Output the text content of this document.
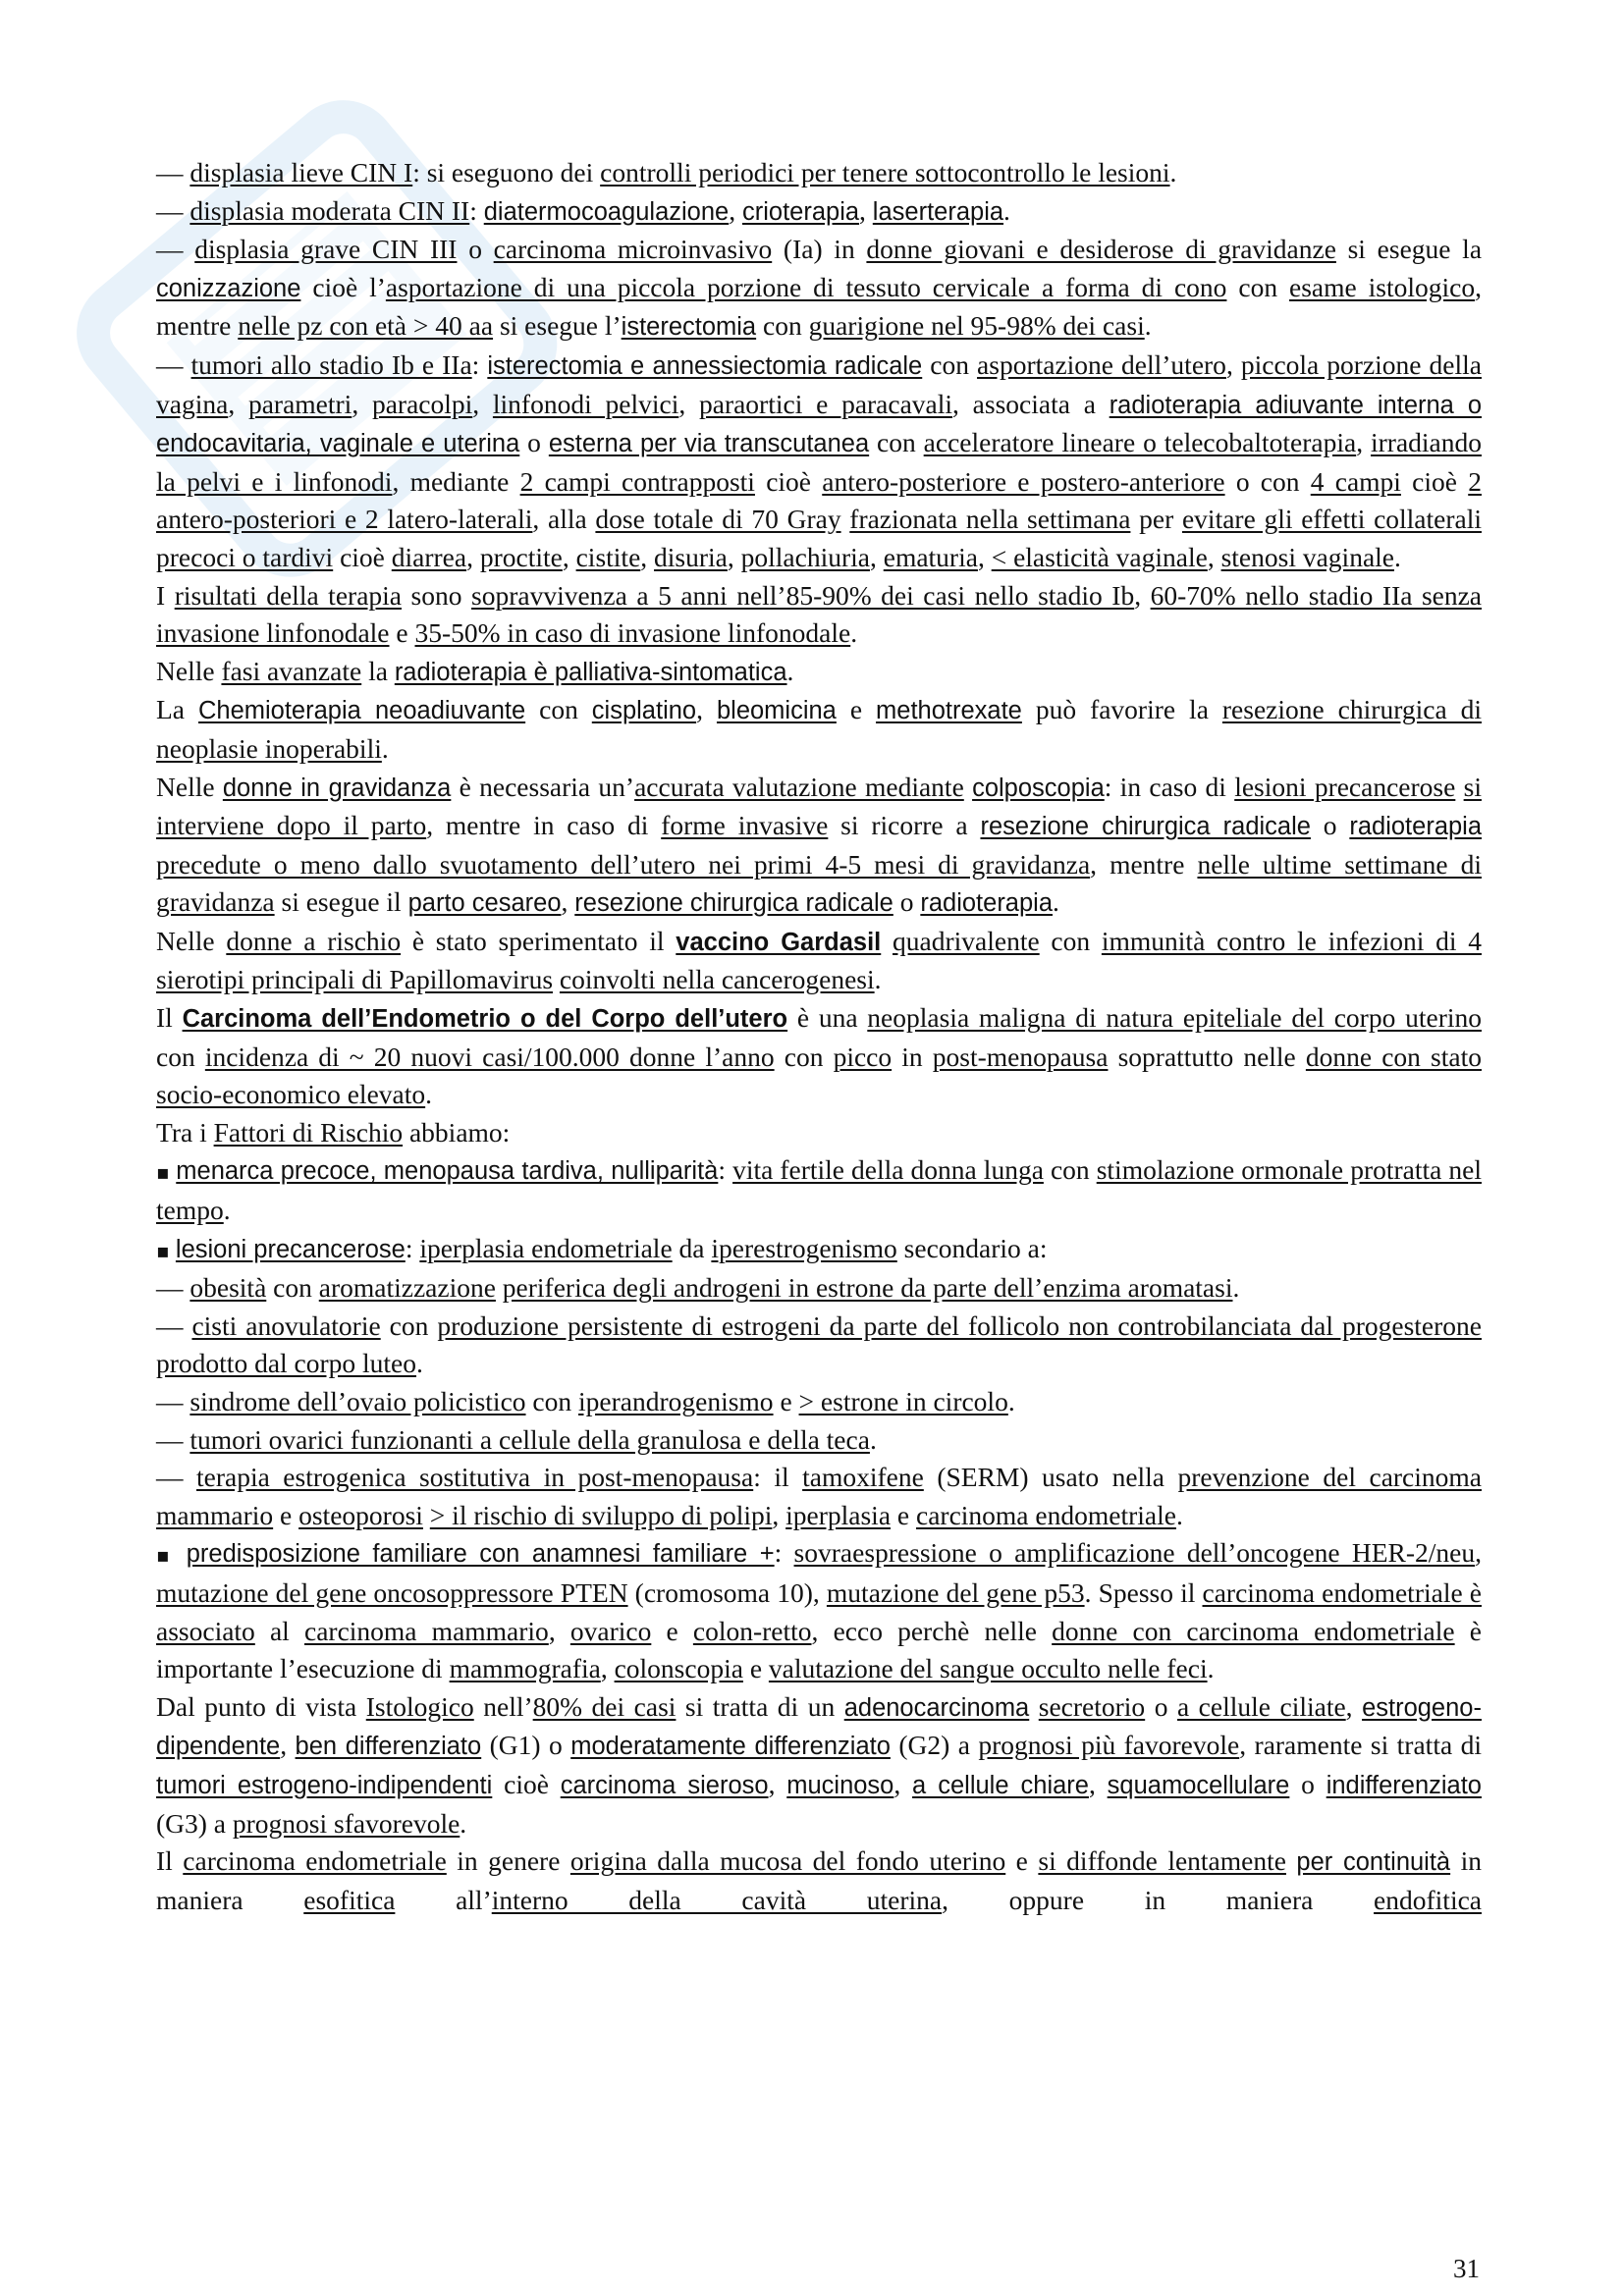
— displasia lieve CIN I: si eseguono dei controlli periodici per tenere sottocontrollo le lesioni.

— displasia moderata CIN II: diatermocoagulazione, crioterapia, laserterapia.

— displasia grave CIN III o carcinoma microinvasivo (Ia) in donne giovani e desiderose di gravidanze si esegue la conizzazione cioè l’asportazione di una piccola porzione di tessuto cervicale a forma di cono con esame istologico, mentre nelle pz con età > 40 aa si esegue l’isterectomia con guarigione nel 95-98% dei casi.

— tumori allo stadio Ib e IIa: isterectomia e annessiectomia radicale con asportazione dell’utero, piccola porzione della vagina, parametri, paracolpi, linfonodi pelvici, paraortici e paracavali, associata a radioterapia adiuvante interna o endocavitaria, vaginale e uterina o esterna per via transcutanea con acceleratore lineare o telecobaltoterapia, irradiando la pelvi e i linfonodi, mediante 2 campi contrapposti cioè antero-posteriore e postero-anteriore o con 4 campi cioè 2 antero-posteriori e 2 latero-laterali, alla dose totale di 70 Gray frazionata nella settimana per evitare gli effetti collaterali precoci o tardivi cioè diarrea, proctite, cistite, disuria, pollachiuria, ematuria, < elasticità vaginale, stenosi vaginale.

I risultati della terapia sono sopravvivenza a 5 anni nell’85-90% dei casi nello stadio Ib, 60-70% nello stadio IIa senza invasione linfonodale e 35-50% in caso di invasione linfonodale.

Nelle fasi avanzate la radioterapia è palliativa-sintomatica.

La Chemioterapia neoadiuvante con cisplatino, bleomicina e methotrexate può favorire la resezione chirurgica di neoplasie inoperabili.

Nelle donne in gravidanza è necessaria un’accurata valutazione mediante colposcopia: in caso di lesioni precancerose si interviene dopo il parto, mentre in caso di forme invasive si ricorre a resezione chirurgica radicale o radioterapia precedute o meno dallo svuotamento dell’utero nei primi 4-5 mesi di gravidanza, mentre nelle ultime settimane di gravidanza si esegue il parto cesareo, resezione chirurgica radicale o radioterapia.

Nelle donne a rischio è stato sperimentato il vaccino Gardasil quadrivalente con immunità contro le infezioni di 4 sierotipi principali di Papillomavirus coinvolti nella cancerogenesi.

Il Carcinoma dell’Endometrio o del Corpo dell’utero è una neoplasia maligna di natura epiteliale del corpo uterino con incidenza di ~ 20 nuovi casi/100.000 donne l’anno con picco in post-menopausa soprattutto nelle donne con stato socio-economico elevato.

Tra i Fattori di Rischio abbiamo:

▪ menarca precoce, menopausa tardiva, nulliparità: vita fertile della donna lunga con stimolazione ormonale protratta nel tempo.

▪ lesioni precancerose: iperplasia endometriale da iperestrogenismo secondario a:

— obesità con aromatizzazione periferica degli androgeni in estrone da parte dell’enzima aromatasi.

— cisti anovulatorie con produzione persistente di estrogeni da parte del follicolo non controbilanciata dal progesterone prodotto dal corpo luteo.

— sindrome dell’ovaio policistico con iperandrogenismo e > estrone in circolo.

— tumori ovarici funzionanti a cellule della granulosa e della teca.

— terapia estrogenica sostitutiva in post-menopausa: il tamoxifene (SERM) usato nella prevenzione del carcinoma mammario e osteoporosi > il rischio di sviluppo di polipi, iperplasia e carcinoma endometriale.

▪ predisposizione familiare con anamnesi familiare +: sovraespressione o amplificazione dell’oncogene HER-2/neu, mutazione del gene oncosoppressore PTEN (cromosoma 10), mutazione del gene p53. Spesso il carcinoma endometriale è associato al carcinoma mammario, ovarico e colon-retto, ecco perchè nelle donne con carcinoma endometriale è importante l’esecuzione di mammografia, colonscopia e valutazione del sangue occulto nelle feci.

Dal punto di vista Istologico nell’80% dei casi si tratta di un adenocarcinoma secretorio o a cellule ciliate, estrogeno-dipendente, ben differenziato (G1) o moderatamente differenziato (G2) a prognosi più favorevole, raramente si tratta di tumori estrogeno-indipendenti cioè carcinoma sieroso, mucinoso, a cellule chiare, squamocellulare o indifferenziato (G3) a prognosi sfavorevole.

Il carcinoma endometriale in genere origina dalla mucosa del fondo uterino e si diffonde lentamente per continuità in maniera esofitica all’interno della cavità uterina, oppure in maniera endofitica

31
